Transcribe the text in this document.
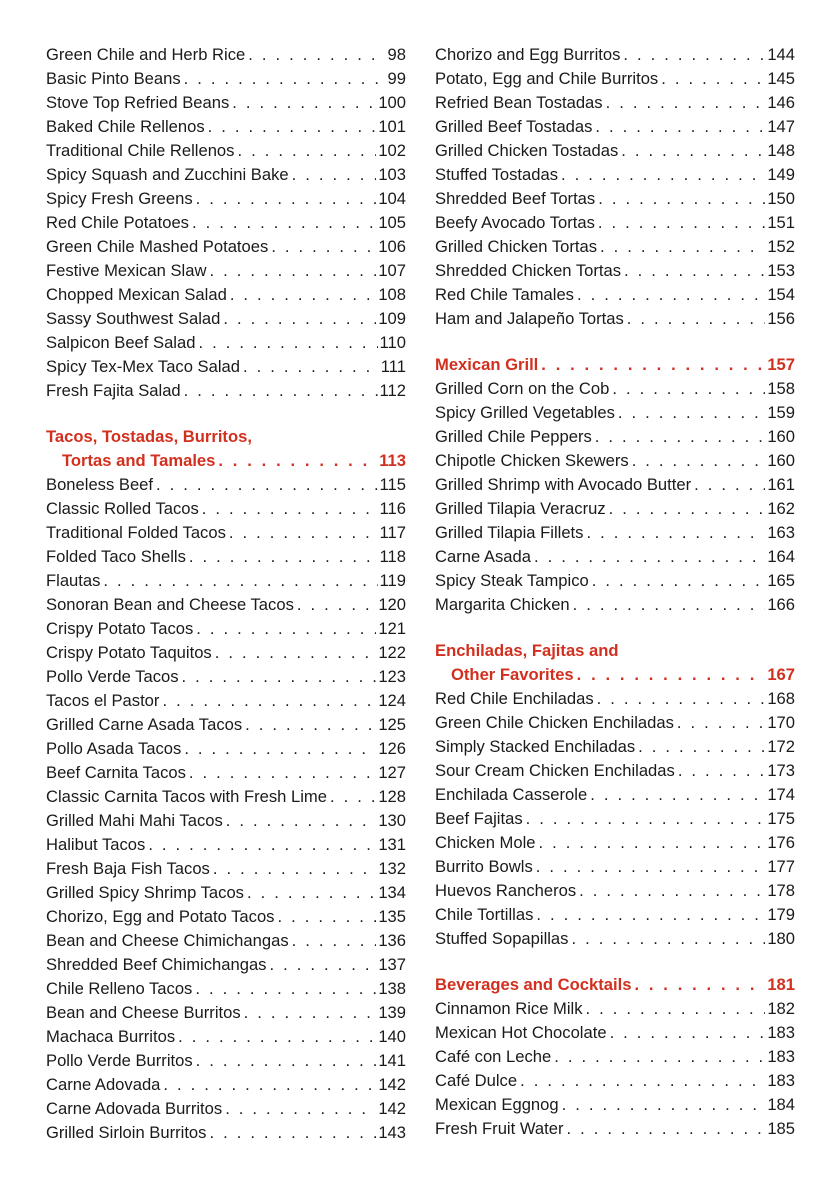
Green Chile and Herb Rice . . .	98
Basic Pinto Beans . . .	99
Stove Top Refried Beans . . .	100
Baked Chile Rellenos . . .	101
Traditional Chile Rellenos . . .	102
Spicy Squash and Zucchini Bake . . .	103
Spicy Fresh Greens . . .	104
Red Chile Potatoes . . .	105
Green Chile Mashed Potatoes . . .	106
Festive Mexican Slaw . . .	107
Chopped Mexican Salad . . .	108
Sassy Southwest Salad . . .	109
Salpicon Beef Salad . . .	110
Spicy Tex-Mex Taco Salad . . .	111
Fresh Fajita Salad . . .	112
Tacos, Tostadas, Burritos,
Tortas and Tamales . . .	113
Boneless Beef . . .	115
Classic Rolled Tacos . . .	116
Traditional Folded Tacos . . .	117
Folded Taco Shells . . .	118
Flautas . . .	119
Sonoran Bean and Cheese Tacos . . .	120
Crispy Potato Tacos . . .	121
Crispy Potato Taquitos . . .	122
Pollo Verde Tacos . . .	123
Tacos el Pastor . . .	124
Grilled Carne Asada Tacos . . .	125
Pollo Asada Tacos . . .	126
Beef Carnita Tacos . . .	127
Classic Carnita Tacos with Fresh Lime . . .	128
Grilled Mahi Mahi Tacos . . .	130
Halibut Tacos . . .	131
Fresh Baja Fish Tacos . . .	132
Grilled Spicy Shrimp Tacos . . .	134
Chorizo, Egg and Potato Tacos . . .	135
Bean and Cheese Chimichangas . . .	136
Shredded Beef Chimichangas . . .	137
Chile Relleno Tacos . . .	138
Bean and Cheese Burritos . . .	139
Machaca Burritos . . .	140
Pollo Verde Burritos . . .	141
Carne Adovada . . .	142
Carne Adovada Burritos . . .	142
Grilled Sirloin Burritos . . .	143
Chorizo and Egg Burritos . . .	144
Potato, Egg and Chile Burritos . . .	145
Refried Bean Tostadas . . .	146
Grilled Beef Tostadas . . .	147
Grilled Chicken Tostadas . . .	148
Stuffed Tostadas . . .	149
Shredded Beef Tortas . . .	150
Beefy Avocado Tortas . . .	151
Grilled Chicken Tortas . . .	152
Shredded Chicken Tortas . . .	153
Red Chile Tamales . . .	154
Ham and Jalapeño Tortas . . .	156
Mexican Grill . . .	157
Grilled Corn on the Cob . . .	158
Spicy Grilled Vegetables . . .	159
Grilled Chile Peppers . . .	160
Chipotle Chicken Skewers . . .	160
Grilled Shrimp with Avocado Butter . . .	161
Grilled Tilapia Veracruz . . .	162
Grilled Tilapia Fillets . . .	163
Carne Asada . . .	164
Spicy Steak Tampico . . .	165
Margarita Chicken . . .	166
Enchiladas, Fajitas and
Other Favorites . . .	167
Red Chile Enchiladas . . .	168
Green Chile Chicken Enchiladas . . .	170
Simply Stacked Enchiladas . . .	172
Sour Cream Chicken Enchiladas . . .	173
Enchilada Casserole . . .	174
Beef Fajitas . . .	175
Chicken Mole . . .	176
Burrito Bowls . . .	177
Huevos Rancheros . . .	178
Chile Tortillas . . .	179
Stuffed Sopapillas . . .	180
Beverages and Cocktails . . .	181
Cinnamon Rice Milk . . .	182
Mexican Hot Chocolate . . .	183
Café con Leche . . .	183
Café Dulce . . .	183
Mexican Eggnog . . .	184
Fresh Fruit Water . . .	185
